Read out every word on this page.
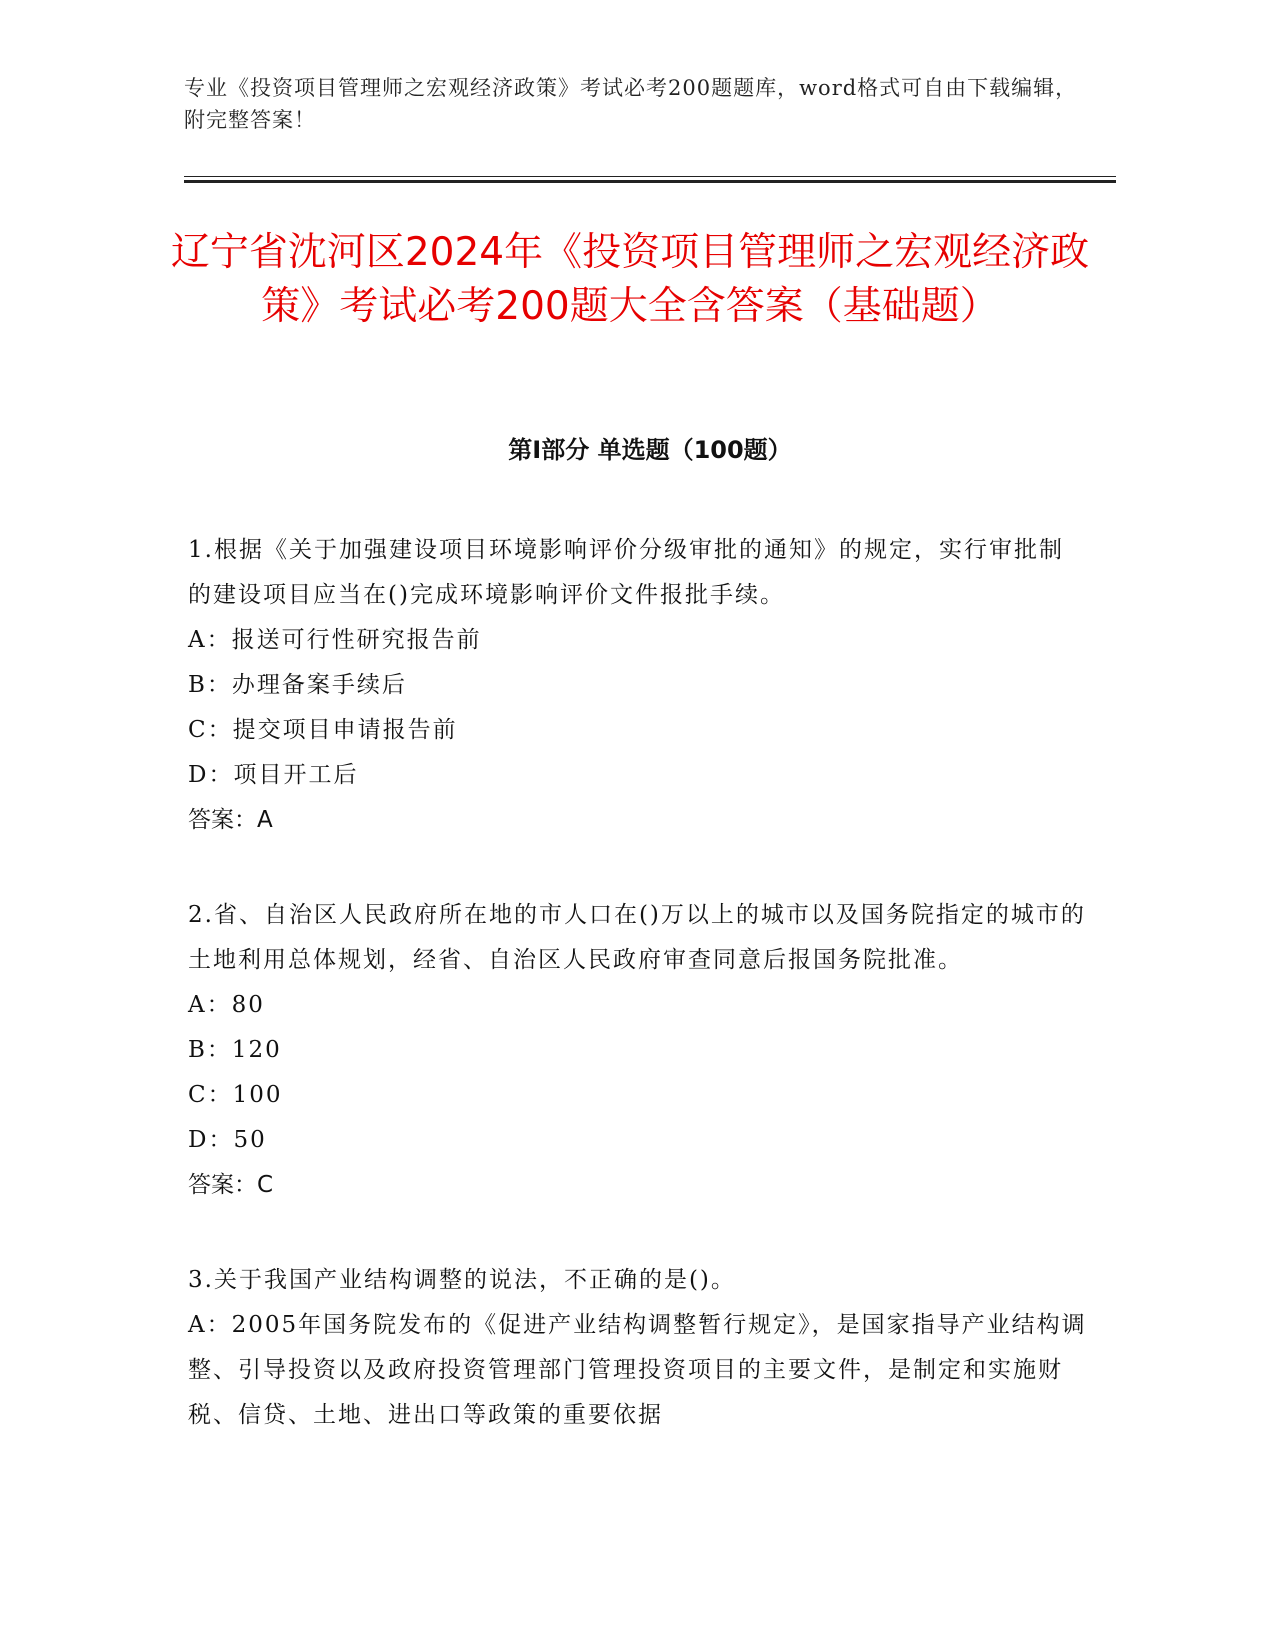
专业《投资项目管理师之宏观经济政策》考试必考200题题库，word格式可自由下载编辑，附完整答案！
辽宁省沈河区2024年《投资项目管理师之宏观经济政策》考试必考200题大全含答案（基础题）
第Ⅰ部分 单选题（100题）

1.根据《关于加强建设项目环境影响评价分级审批的通知》的规定，实行审批制的建设项目应当在()完成环境影响评价文件报批手续。

A：报送可行性研究报告前

B：办理备案手续后

C：提交项目申请报告前

D：项目开工后

答案：A

2.省、自治区人民政府所在地的市人口在()万以上的城市以及国务院指定的城市的土地利用总体规划，经省、自治区人民政府审查同意后报国务院批准。

A：80

B：120

C：100

D：50

答案：C

3.关于我国产业结构调整的说法，不正确的是()。

A：2005年国务院发布的《促进产业结构调整暂行规定》，是国家指导产业结构调整、引导投资以及政府投资管理部门管理投资项目的主要文件，是制定和实施财税、信贷、土地、进出口等政策的重要依据
